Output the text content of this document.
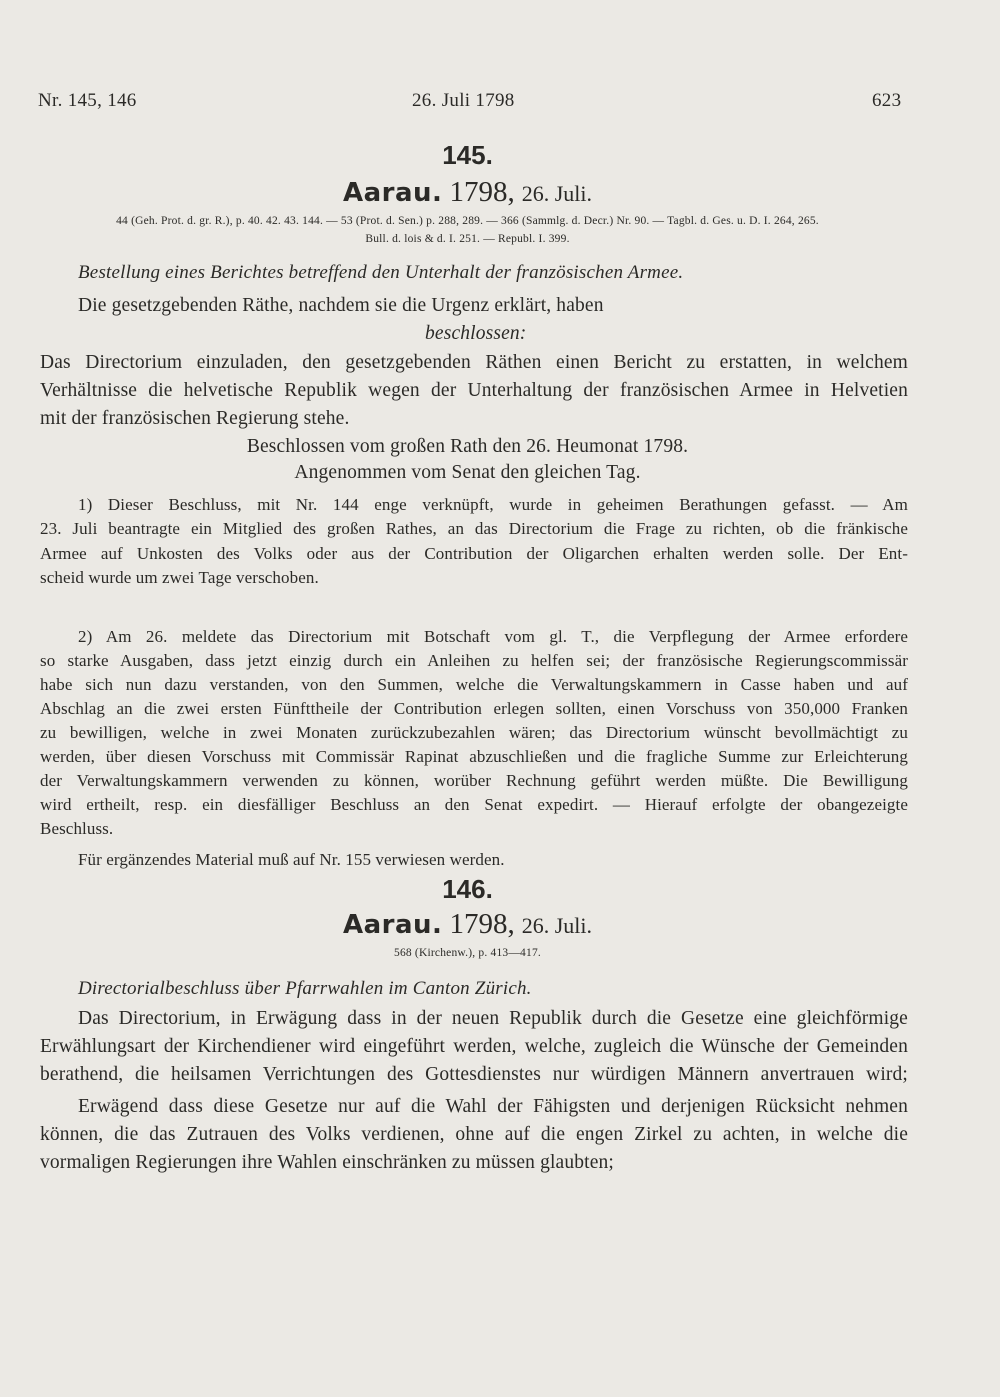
Nr. 145, 146	26. Juli 1798	623
145.
Aarau. 1798, 26. Juli.
44 (Geh. Prot. d. gr. R.), p. 40. 42. 43. 144. — 53 (Prot. d. Sen.) p. 288, 289. — 366 (Sammlg. d. Decr.) Nr. 90. — Tagbl. d. Ges. u. D. I. 264, 265.
Bull. d. lois & d. I. 251. — Republ. I. 399.
Bestellung eines Berichtes betreffend den Unterhalt der französischen Armee.
Die gesetzgebenden Räthe, nachdem sie die Urgenz erklärt, haben
beschlossen:
Das Directorium einzuladen, den gesetzgebenden Räthen einen Bericht zu erstatten, in welchem
Verhältnisse die helvetische Republik wegen der Unterhaltung der französischen Armee in Helvetien
mit der französischen Regierung stehe.
Beschlossen vom großen Rath den 26. Heumonat 1798.
Angenommen vom Senat den gleichen Tag.
1) Dieser Beschluss, mit Nr. 144 enge verknüpft, wurde in geheimen Berathungen gefasst. — Am
23. Juli beantragte ein Mitglied des großen Rathes, an das Directorium die Frage zu richten, ob die fränkische
Armee auf Unkosten des Volks oder aus der Contribution der Oligarchen erhalten werden solle. Der Ent-
scheid wurde um zwei Tage verschoben.
2) Am 26. meldete das Directorium mit Botschaft vom gl. T., die Verpflegung der Armee erfordere
so starke Ausgaben, dass jetzt einzig durch ein Anleihen zu helfen sei; der französische Regierungscommissär
habe sich nun dazu verstanden, von den Summen, welche die Verwaltungskammern in Casse haben und auf
Abschlag an die zwei ersten Fünfttheile der Contribution erlegen sollten, einen Vorschuss von 350,000 Franken
zu bewilligen, welche in zwei Monaten zurückzubezahlen wären; das Directorium wünscht bevollmächtigt zu
werden, über diesen Vorschuss mit Commissär Rapinat abzuschließen und die fragliche Summe zur Erleichterung
der Verwaltungskammern verwenden zu können, worüber Rechnung geführt werden müßte. Die Bewilligung
wird ertheilt, resp. ein diesfälliger Beschluss an den Senat expedirt. — Hierauf erfolgte der obangezeigte
Beschluss.
Für ergänzendes Material muß auf Nr. 155 verwiesen werden.
146.
Aarau. 1798, 26. Juli.
568 (Kirchenw.), p. 413—417.
Directorialbeschluss über Pfarrwahlen im Canton Zürich.
Das Directorium, in Erwägung dass in der neuen Republik durch die Gesetze eine gleichförmige
Erwählungsart der Kirchendiener wird eingeführt werden, welche, zugleich die Wünsche der Gemeinden
berathend, die heilsamen Verrichtungen des Gottesdienstes nur würdigen Männern anvertrauen wird;
Erwägend dass diese Gesetze nur auf die Wahl der Fähigsten und derjenigen Rücksicht nehmen
können, die das Zutrauen des Volks verdienen, ohne auf die engen Zirkel zu achten, in welche die
vormaligen Regierungen ihre Wahlen einschränken zu müssen glaubten;
